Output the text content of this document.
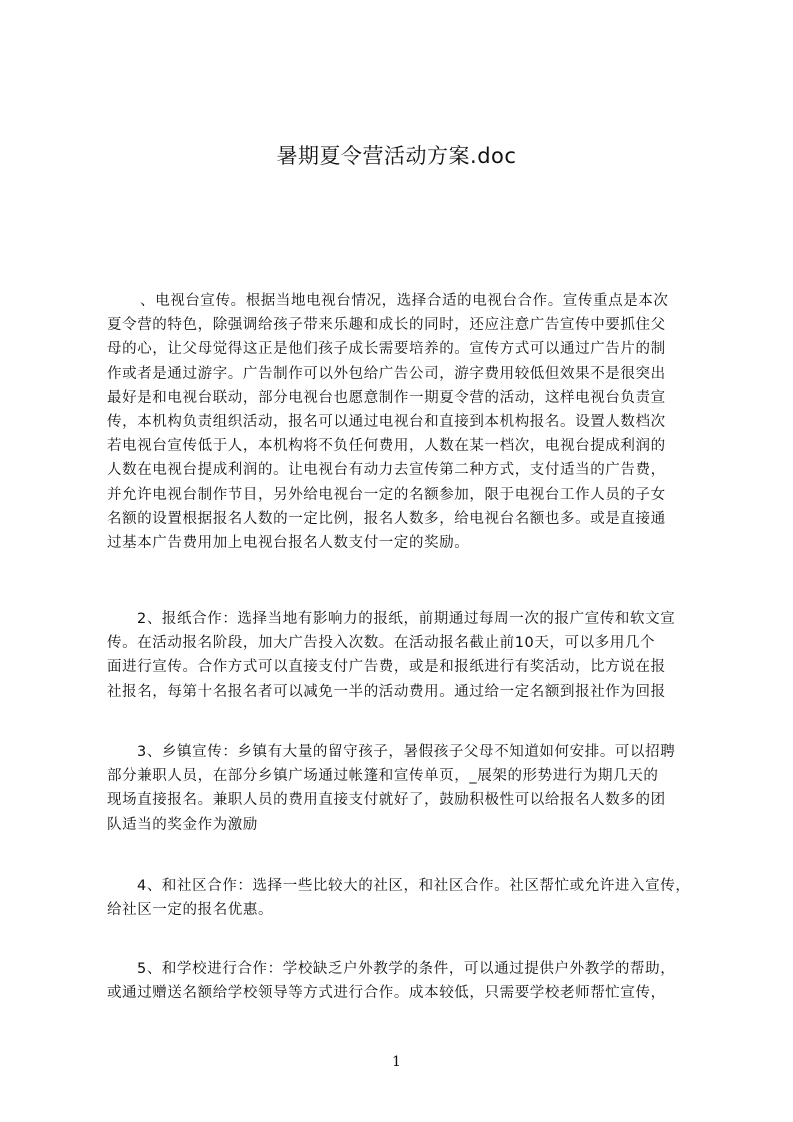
暑期夏令营活动方案.doc
、电视台宣传。根据当地电视台情况，选择合适的电视台合作。宣传重点是本次
夏令营的特色，除强调给孩子带来乐趣和成长的同时，还应注意广告宣传中要抓住父
母的心，让父母觉得这正是他们孩子成长需要培养的。宣传方式可以通过广告片的制
作或者是通过游字。广告制作可以外包给广告公司，游字费用较低但效果不是很突出
最好是和电视台联动，部分电视台也愿意制作一期夏令营的活动，这样电视台负责宣
传，本机构负责组织活动，报名可以通过电视台和直接到本机构报名。设置人数档次
若电视台宣传低于人，本机构将不负任何费用，人数在某一档次，电视台提成利润的
人数在电视台提成利润的。让电视台有动力去宣传第二种方式，支付适当的广告费，
并允许电视台制作节目，另外给电视台一定的名额参加，限于电视台工作人员的子女
名额的设置根据报名人数的一定比例，报名人数多，给电视台名额也多。或是直接通
过基本广告费用加上电视台报名人数支付一定的奖励。
2、报纸合作：选择当地有影响力的报纸，前期通过每周一次的报广宣传和软文宣
传。在活动报名阶段，加大广告投入次数。在活动报名截止前10天，可以多用几个
面进行宣传。合作方式可以直接支付广告费，或是和报纸进行有奖活动，比方说在报
社报名，每第十名报名者可以减免一半的活动费用。通过给一定名额到报社作为回报
3、乡镇宣传：乡镇有大量的留守孩子，暑假孩子父母不知道如何安排。可以招聘
部分兼职人员，在部分乡镇广场通过帐篷和宣传单页，_展架的形势进行为期几天的
现场直接报名。兼职人员的费用直接支付就好了，鼓励积极性可以给报名人数多的团
队适当的奖金作为激励
4、和社区合作：选择一些比较大的社区，和社区合作。社区帮忙或允许进入宣传，
给社区一定的报名优惠。
5、和学校进行合作：学校缺乏户外教学的条件，可以通过提供户外教学的帮助，
或通过赠送名额给学校领导等方式进行合作。成本较低，只需要学校老师帮忙宣传，
1
